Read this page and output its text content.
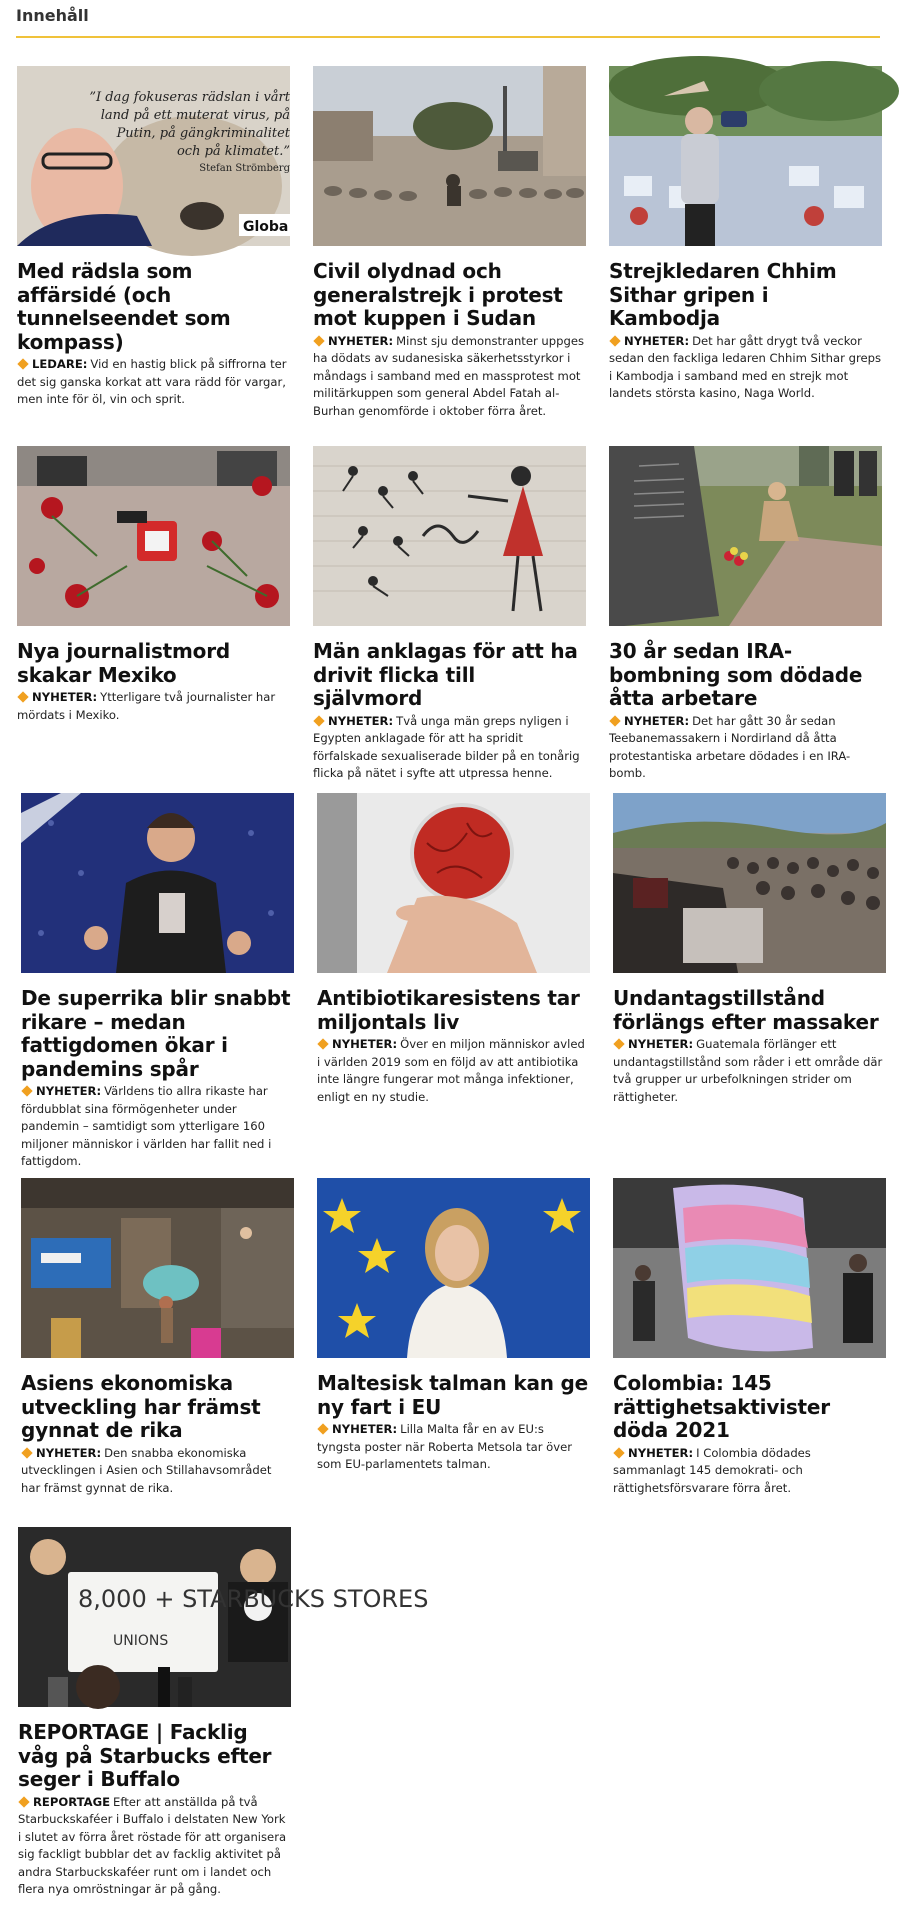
Innehåll
”I dag fokuseras rädslan i vårt
land på ett muterat virus, på
Putin, på gängkriminalitet
och på klimatet.”
Stefan Strömberg
Globa
Med rädsla som affärsidé (och tunnelseendet som kompass)
LEDARE: Vid en hastig blick på siffrorna ter det sig ganska korkat att vara rädd för vargar, men inte för öl, vin och sprit.
Civil olydnad och generalstrejk i protest mot kuppen i Sudan
NYHETER: Minst sju demonstranter uppges ha dödats av sudanesiska säkerhetsstyrkor i måndags i samband med en massprotest mot militärkuppen som general Abdel Fatah al-Burhan genomförde i oktober förra året.
Strejkledaren Chhim Sithar gripen i Kambodja
NYHETER: Det har gått drygt två veckor sedan den fackliga ledaren Chhim Sithar greps i Kambodja i samband med en strejk mot landets största kasino, Naga World.
Nya journalistmord skakar Mexiko
NYHETER: Ytterligare två journalister har mördats i Mexiko.
Män anklagas för att ha drivit flicka till självmord
NYHETER: Två unga män greps nyligen i Egypten anklagade för att ha spridit förfalskade sexualiserade bilder på en tonårig flicka på nätet i syfte att utpressa henne.
30 år sedan IRA-bombning som dödade åtta arbetare
NYHETER: Det har gått 30 år sedan Teebanemassakern i Nordirland då åtta protestantiska arbetare dödades i en IRA-bomb.
De superrika blir snabbt rikare – medan fattigdomen ökar i pandemins spår
NYHETER: Världens tio allra rikaste har fördubblat sina förmögenheter under pandemin – samtidigt som ytterligare 160 miljoner människor i världen har fallit ned i fattigdom.
Antibiotikaresistens tar miljontals liv
NYHETER: Över en miljon människor avled i världen 2019 som en följd av att antibiotika inte längre fungerar mot många infektioner, enligt en ny studie.
Undantagstillstånd förlängs efter massaker
NYHETER: Guatemala förlänger ett undantagstillstånd som råder i ett område där två grupper ur urbefolkningen strider om rättigheter.
Asiens ekonomiska utveckling har främst gynnat de rika
NYHETER: Den snabba ekonomiska utvecklingen i Asien och Stillahavsområdet har främst gynnat de rika.
Maltesisk talman kan ge ny fart i EU
NYHETER: Lilla Malta får en av EU:s tyngsta poster när Roberta Metsola tar över som EU-parlamentets talman.
Colombia: 145 rättighetsaktivister döda 2021
NYHETER: I Colombia dödades sammanlagt 145 demokrati- och rättighetsförsvarare förra året.
8,000 + STARBUCKS STORES
UNIONS
REPORTAGE | Facklig våg på Starbucks efter seger i Buffalo
REPORTAGE Efter att anställda på två Starbuckskaféer i Buffalo i delstaten New York i slutet av förra året röstade för att organisera sig fackligt bubblar det av facklig aktivitet på andra Starbuckskaféer runt om i landet och flera nya omröstningar är på gång.
